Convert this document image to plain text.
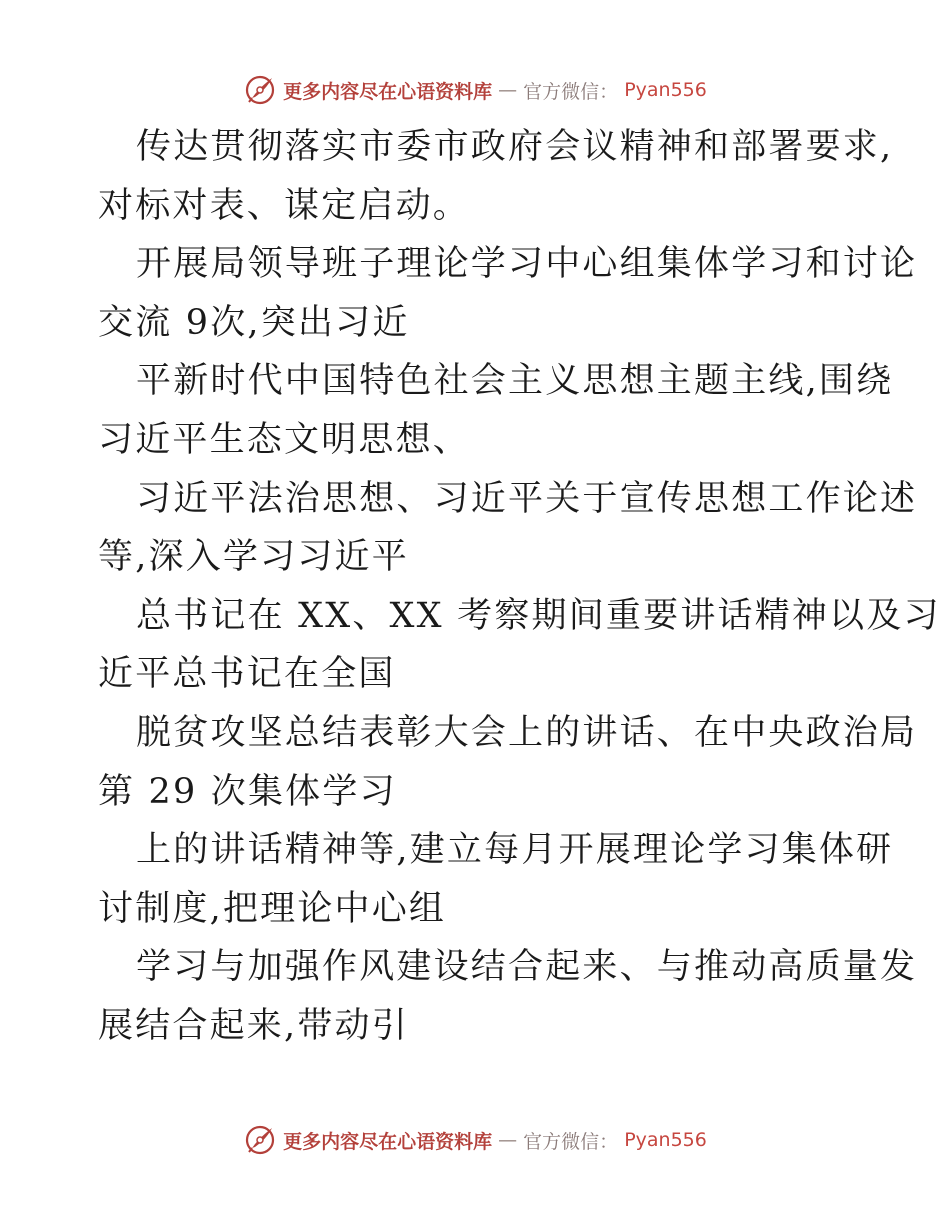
更多内容尽在心语资料库 — 官方微信： Pyan556
传达贯彻落实市委市政府会议精神和部署要求,
对标对表、谋定启动。
开展局领导班子理论学习中心组集体学习和讨论
交流 9次,突出习近
平新时代中国特色社会主义思想主题主线,围绕
习近平生态文明思想、
习近平法治思想、习近平关于宣传思想工作论述
等,深入学习习近平
总书记在 XX、XX 考察期间重要讲话精神以及习
近平总书记在全国
脱贫攻坚总结表彰大会上的讲话、在中央政治局
第 29 次集体学习
上的讲话精神等,建立每月开展理论学习集体研
讨制度,把理论中心组
学习与加强作风建设结合起来、与推动高质量发
展结合起来,带动引
更多内容尽在心语资料库 — 官方微信： Pyan556
